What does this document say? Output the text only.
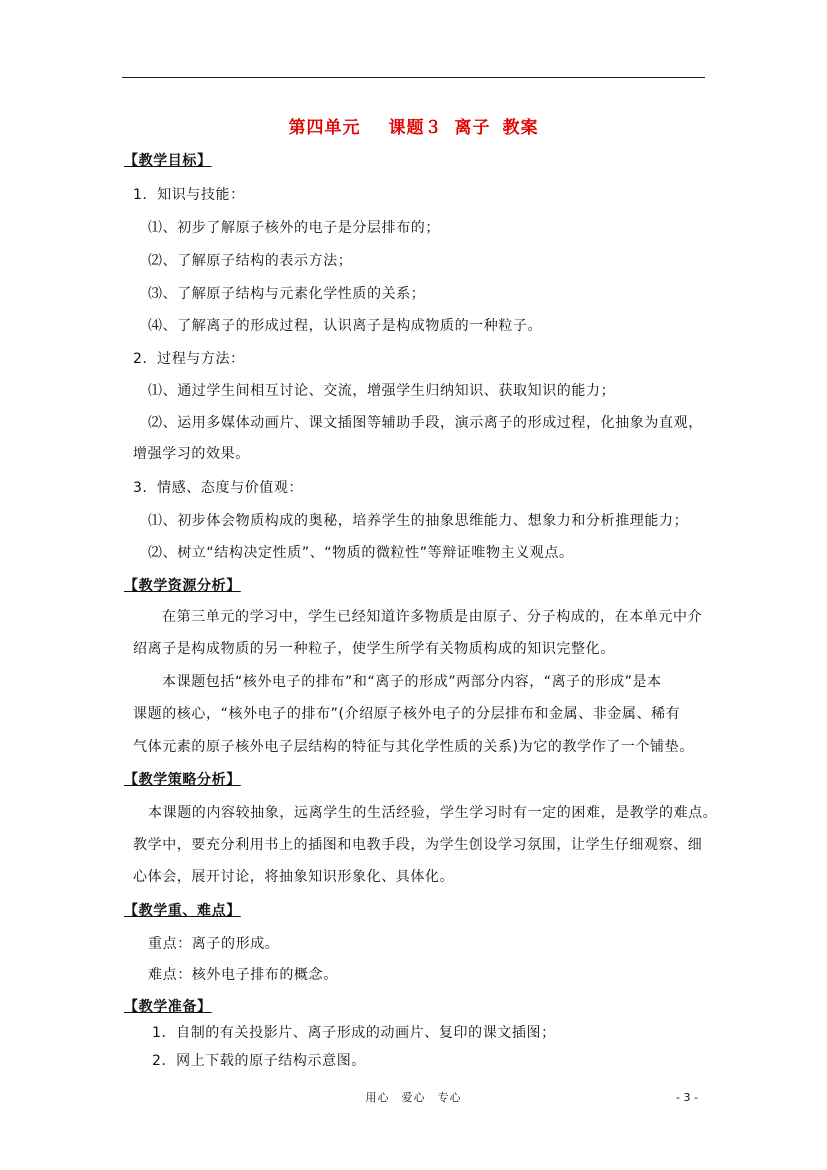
第四单元 课题３ 离子 教案
【教学目标】
1．知识与技能：
⑴、初步了解原子核外的电子是分层排布的；
⑵、了解原子结构的表示方法；
⑶、了解原子结构与元素化学性质的关系；
⑷、了解离子的形成过程，认识离子是构成物质的一种粒子。
2．过程与方法：
⑴、通过学生间相互讨论、交流，增强学生归纳知识、获取知识的能力；
⑵、运用多媒体动画片、课文插图等辅助手段，演示离子的形成过程，化抽象为直观，
增强学习的效果。
3．情感、态度与价值观：
⑴、初步体会物质构成的奥秘，培养学生的抽象思维能力、想象力和分析推理能力；
⑵、树立“结构决定性质”、“物质的微粒性”等辩证唯物主义观点。
【教学资源分析】
在第三单元的学习中，学生已经知道许多物质是由原子、分子构成的，在本单元中介
绍离子是构成物质的另一种粒子，使学生所学有关物质构成的知识完整化。
本课题包括“核外电子的排布”和“离子的形成”两部分内容，“离子的形成”是本
课题的核心，“核外电子的排布”(介绍原子核外电子的分层排布和金属、非金属、稀有
气体元素的原子核外电子层结构的特征与其化学性质的关系)为它的教学作了一个铺垫。
【教学策略分析】
本课题的内容较抽象，远离学生的生活经验，学生学习时有一定的困难，是教学的难点。
教学中，要充分利用书上的插图和电教手段，为学生创设学习氛围，让学生仔细观察、细
心体会，展开讨论，将抽象知识形象化、具体化。
【教学重、难点】
重点：离子的形成。
难点：核外电子排布的概念。
【教学准备】
1．自制的有关投影片、离子形成的动画片、复印的课文插图；
2．网上下载的原子结构示意图。
用心　爱心　专心	- 3 -
